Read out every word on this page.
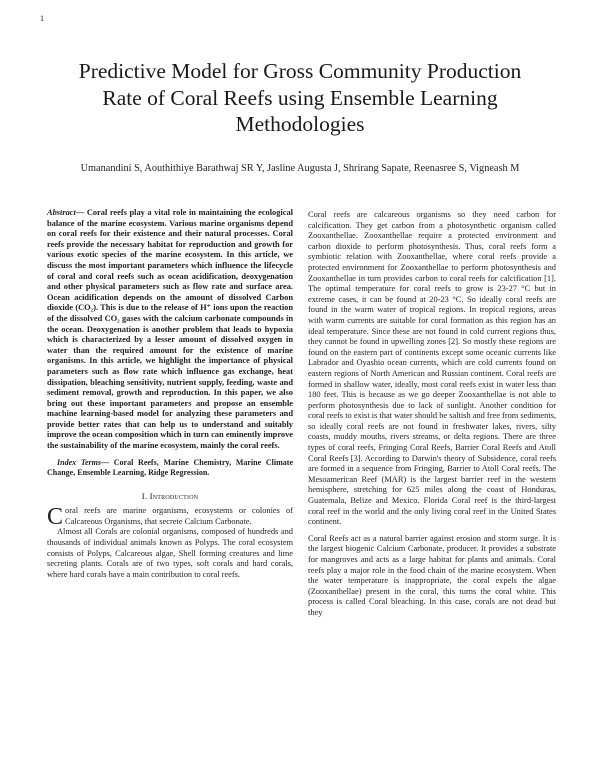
1
Predictive Model for Gross Community Production Rate of Coral Reefs using Ensemble Learning Methodologies
Umanandini S, Aouthithiye Barathwaj SR Y, Jasline Augusta J, Shrirang Sapate, Reenasree S, Vigneash M

Abstract— Coral reefs play a vital role in maintaining the ecological balance of the marine ecosystem. Various marine organisms depend on coral reefs for their existence and their natural processes. Coral reefs provide the necessary habitat for reproduction and growth for various exotic species of the marine ecosystem. In this article, we discuss the most important parameters which influence the lifecycle of coral and coral reefs such as ocean acidification, deoxygenation and other physical parameters such as flow rate and surface area. Ocean acidification depends on the amount of dissolved Carbon dioxide (CO₂). This is due to the release of H⁺ ions upon the reaction of the dissolved CO₂ gases with the calcium carbonate compounds in the ocean. Deoxygenation is another problem that leads to hypoxia which is characterized by a lesser amount of dissolved oxygen in water than the required amount for the existence of marine organisms. In this article, we highlight the importance of physical parameters such as flow rate which influence gas exchange, heat dissipation, bleaching sensitivity, nutrient supply, feeding, waste and sediment removal, growth and reproduction. In this paper, we also bring out these important parameters and propose an ensemble machine learning-based model for analyzing these parameters and provide better rates that can help us to understand and suitably improve the ocean composition which in turn can eminently improve the sustainability of the marine ecosystem, mainly the coral reefs.

Index Terms— Coral Reefs, Marine Chemistry, Marine Climate Change, Ensemble Learning, Ridge Regression.

I. Introduction

Coral reefs are marine organisms, ecosystems or colonies of Calcareous Organisms, that secrete Calcium Carbonate.

Almost all Corals are colonial organisms, composed of hundreds and thousands of individual animals known as Polyps. The coral ecosystem consists of Polyps, Calcareous algae, Shell forming creatures and lime secreting plants. Corals are of two types, soft corals and hard corals, where hard corals have a main contribution to coral reefs.

Coral reefs are calcareous organisms so they need carbon for calcification. They get carbon from a photosynthetic organism called Zooxanthellae. Zooxanthellae require a protected environment and carbon dioxide to perform photosynthesis. Thus, coral reefs form a symbiotic relation with Zooxanthellae, where coral reefs provide a protected environment for Zooxanthellae to perform photosynthesis and Zooxanthellae in turn provides carbon to coral reefs for calcification [1]. The optimal temperature for coral reefs to grow is 23-27 °C but in extreme cases, it can be found at 20-23 °C. So ideally coral reefs are found in the warm water of tropical regions. In tropical regions, areas with warm currents are suitable for coral formation as this region has an ideal temperature. Since these are not found in cold current regions thus, they cannot be found in upwelling zones [2]. So mostly these regions are found on the eastern part of continents except some oceanic currents like Labrador and Oyashio ocean currents, which are cold currents found on eastern regions of North American and Russian continent. Coral reefs are formed in shallow water, ideally, most coral reefs exist in water less than 180 feet. This is because as we go deeper Zooxanthellae is not able to perform photosynthesis due to lack of sunlight. Another condition for coral reefs to exist is that water should be saltish and free from sediments, so ideally coral reefs are not found in freshwater lakes, rivers, silty coasts, muddy mouths, rivers streams, or delta regions. There are three types of coral reefs, Fringing Coral Reefs, Barrier Coral Reefs and Atoll Coral Reefs [3]. According to Darwin's theory of Subsidence, coral reefs are formed in a sequence from Fringing, Barrier to Atoll Coral reefs. The Mesoamerican Reef (MAR) is the largest barrier reef in the western hemisphere, stretching for 625 miles along the coast of Honduras, Guatemala, Belize and Mexico. Florida Coral reef is the third-largest coral reef in the world and the only living coral reef in the United States continent.

Coral Reefs act as a natural barrier against erosion and storm surge. It is the largest biogenic Calcium Carbonate, producer. It provides a substrate for mangroves and acts as a large habitat for plants and animals. Coral reefs play a major role in the food chain of the marine ecosystem. When the water temperature is inappropriate, the coral expels the algae (Zooxanthellae) present in the coral, this turns the coral white. This process is called Coral bleaching. In this case, corals are not dead but they
